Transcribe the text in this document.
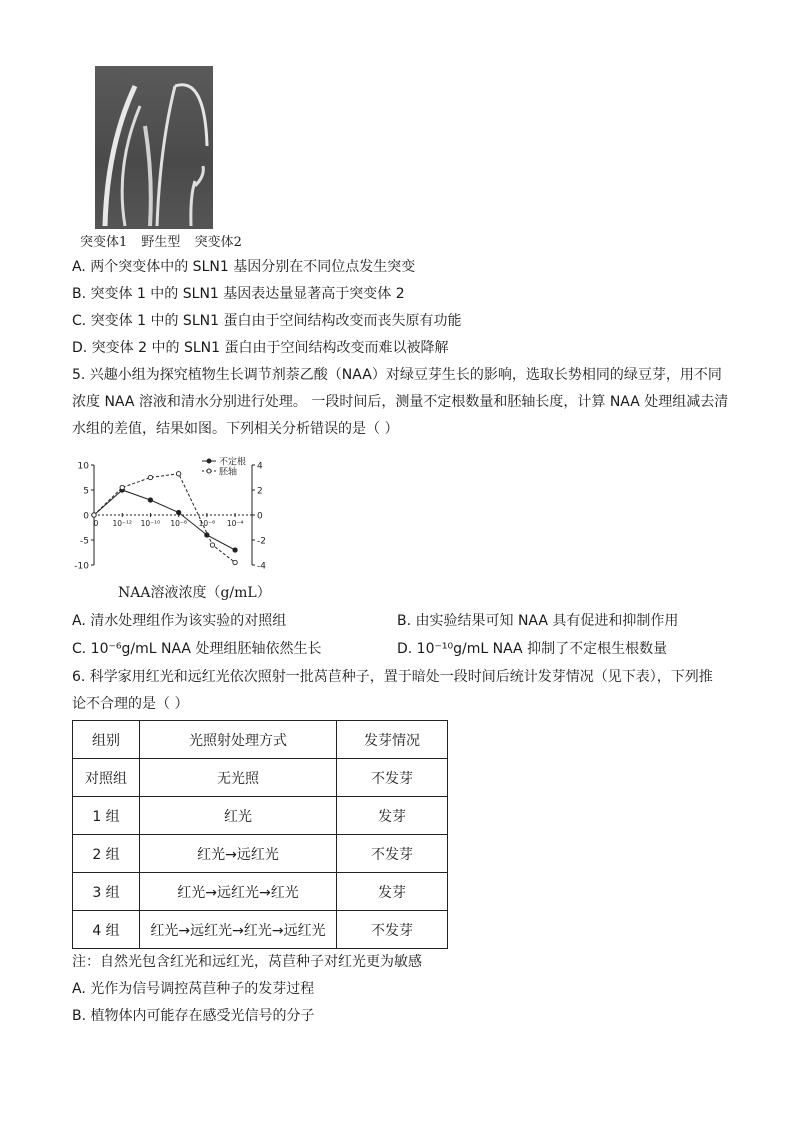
突变体1 野生型 突变体2
A. 两个突变体中的 SLN1 基因分别在不同位点发生突变
B. 突变体 1 中的 SLN1 基因表达量显著高于突变体 2
C. 突变体 1 中的 SLN1 蛋白由于空间结构改变而丧失原有功能
D. 突变体 2 中的 SLN1 蛋白由于空间结构改变而难以被降解
5. 兴趣小组为探究植物生长调节剂萘乙酸（NAA）对绿豆芽生长的影响，选取长势相同的绿豆芽，用不同
浓度 NAA 溶液和清水分别进行处理。 一段时间后，测量不定根数量和胚轴长度，计算 NAA 处理组减去清
水组的差值，结果如图。下列相关分析错误的是（ ）
10
5
0
-5
-10
4
2
0
-2
-4
0 10⁻¹² 10⁻¹⁰ 10⁻⁸ 10⁻⁶ 10⁻⁴
不定根
胚轴
NAA溶液浓度（g/mL）
A. 清水处理组作为该实验的对照组	B. 由实验结果可知 NAA 具有促进和抑制作用
C. 10⁻⁶g/mL NAA 处理组胚轴依然生长	D. 10⁻¹⁰g/mL NAA 抑制了不定根生根数量
6. 科学家用红光和远红光依次照射一批莴苣种子，置于暗处一段时间后统计发芽情况（见下表），下列推
论不合理的是（ ）
组别	光照射处理方式	发芽情况
对照组	无光照	不发芽
1 组	红光	发芽
2 组	红光→远红光	不发芽
3 组	红光→远红光→红光	发芽
4 组	红光→远红光→红光→远红光	不发芽
注：自然光包含红光和远红光，莴苣种子对红光更为敏感
A. 光作为信号调控莴苣种子的发芽过程
B. 植物体内可能存在感受光信号的分子
